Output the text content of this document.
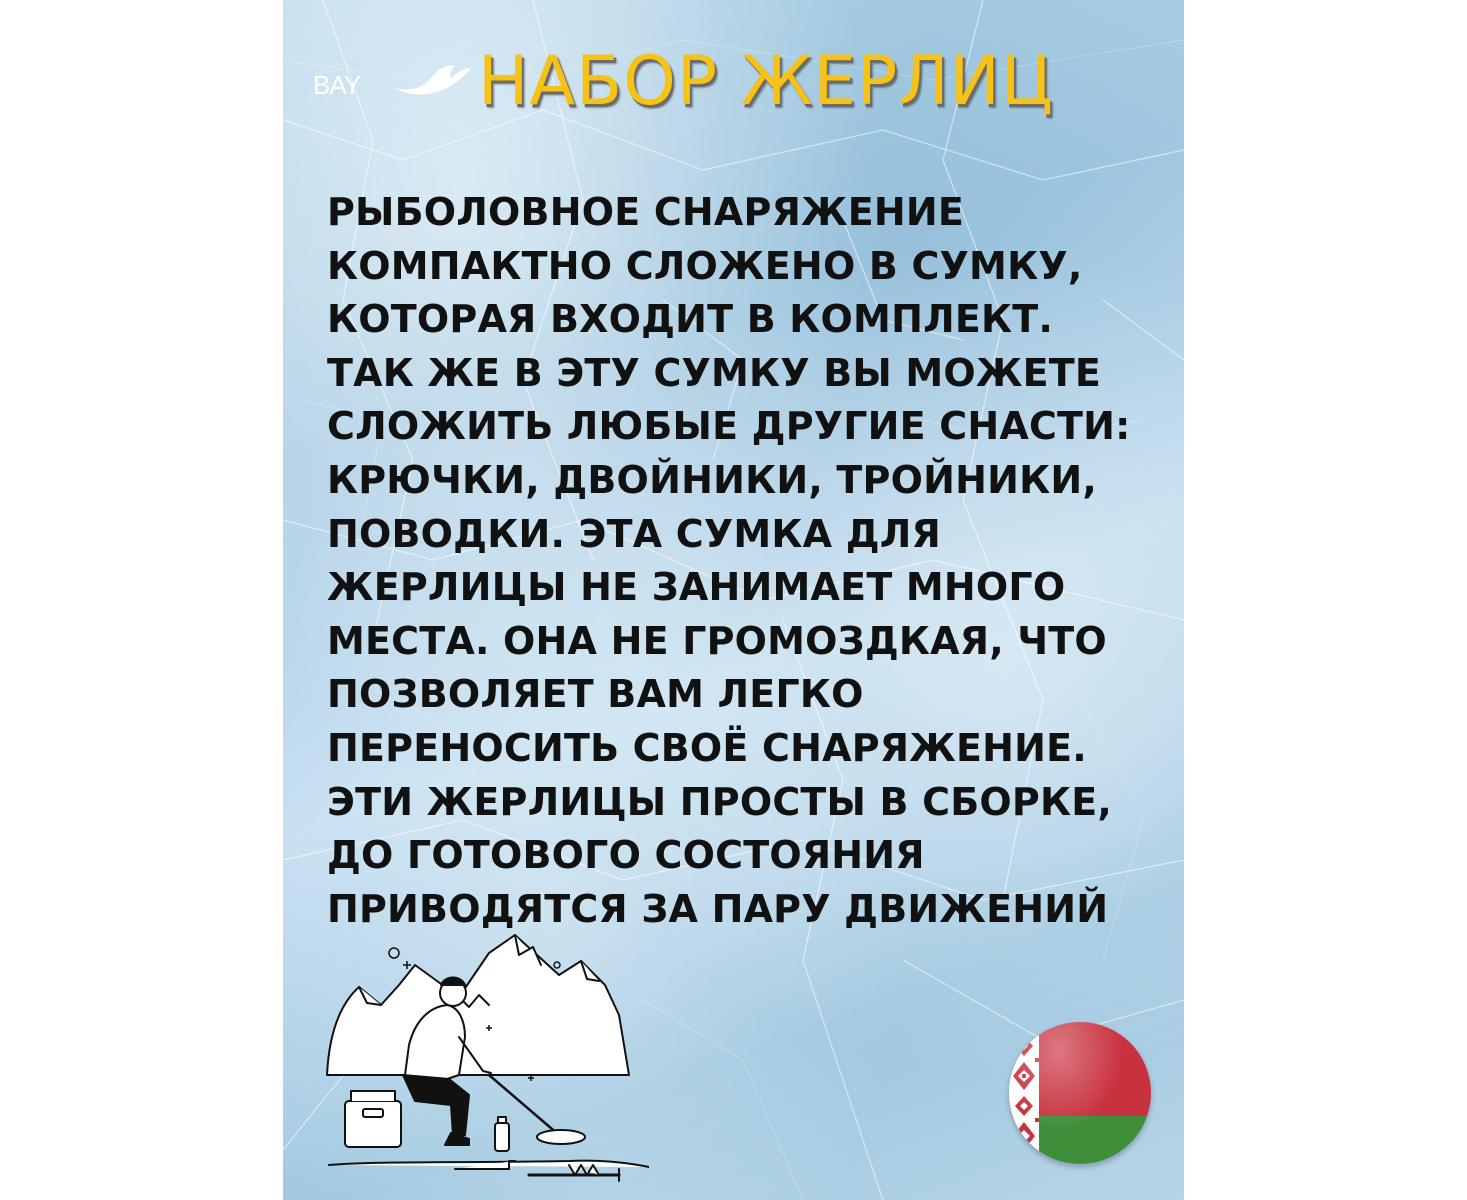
BAY НАБОР ЖЕРЛИЦ

РЫБОЛОВНОЕ СНАРЯЖЕНИЕ
КОМПАКТНО СЛОЖЕНО В СУМКУ,
КОТОРАЯ ВХОДИТ В КОМПЛЕКТ.
ТАК ЖЕ В ЭТУ СУМКУ ВЫ МОЖЕТЕ
СЛОЖИТЬ ЛЮБЫЕ ДРУГИЕ СНАСТИ:
КРЮЧКИ, ДВОЙНИКИ, ТРОЙНИКИ,
ПОВОДКИ. ЭТА СУМКА ДЛЯ
ЖЕРЛИЦЫ НЕ ЗАНИМАЕТ МНОГО
МЕСТА. ОНА НЕ ГРОМОЗДКАЯ, ЧТО
ПОЗВОЛЯЕТ ВАМ ЛЕГКО
ПЕРЕНОСИТЬ СВОЁ СНАРЯЖЕНИЕ.
ЭТИ ЖЕРЛИЦЫ ПРОСТЫ В СБОРКЕ,
ДО ГОТОВОГО СОСТОЯНИЯ
ПРИВОДЯТСЯ ЗА ПАРУ ДВИЖЕНИЙ
